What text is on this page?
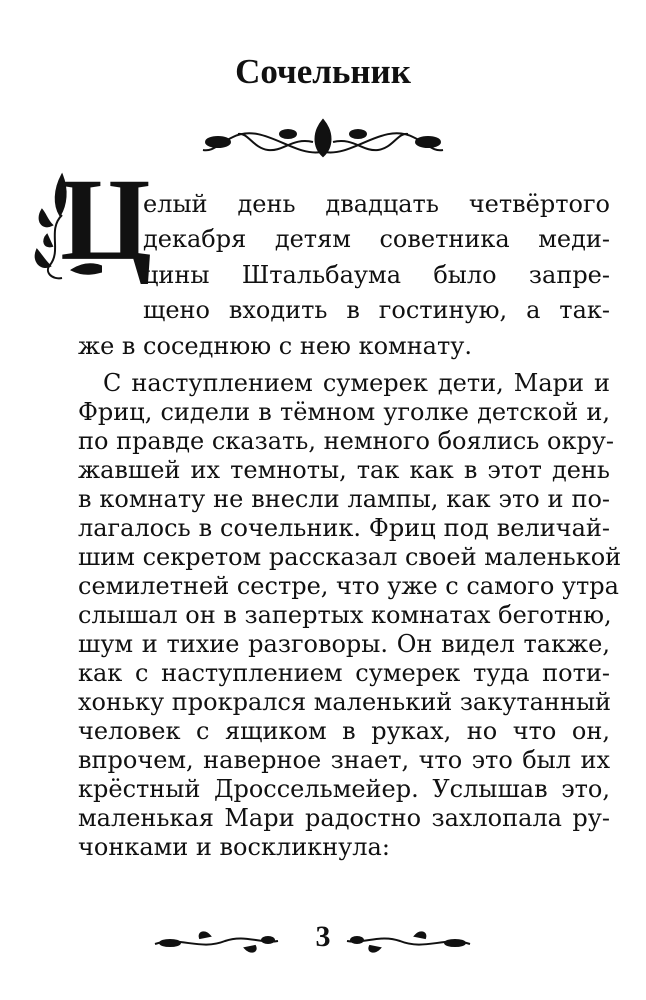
Сочельник
Ц
елый день двадцать четвёртого
декабря детям советника меди-
цины Штальбаума было запре-
щено входить в гостиную, а так-
же в соседнюю с нею комнату.
С наступлением сумерек дети, Мари и
Фриц, сидели в тёмном уголке детской и,
по правде сказать, немного боялись окру-
жавшей их темноты, так как в этот день
в комнату не внесли лампы, как это и по-
лагалось в сочельник. Фриц под величай-
шим секретом рассказал своей маленькой
семилетней сестре, что уже с самого утра
слышал он в запертых комнатах беготню,
шум и тихие разговоры. Он видел также,
как с наступлением сумерек туда поти-
хоньку прокрался маленький закутанный
человек с ящиком в руках, но что он,
впрочем, наверное знает, что это был их
крёстный Дроссельмейер. Услышав это,
маленькая Мари радостно захлопала ру-
чонками и воскликнула:
3
